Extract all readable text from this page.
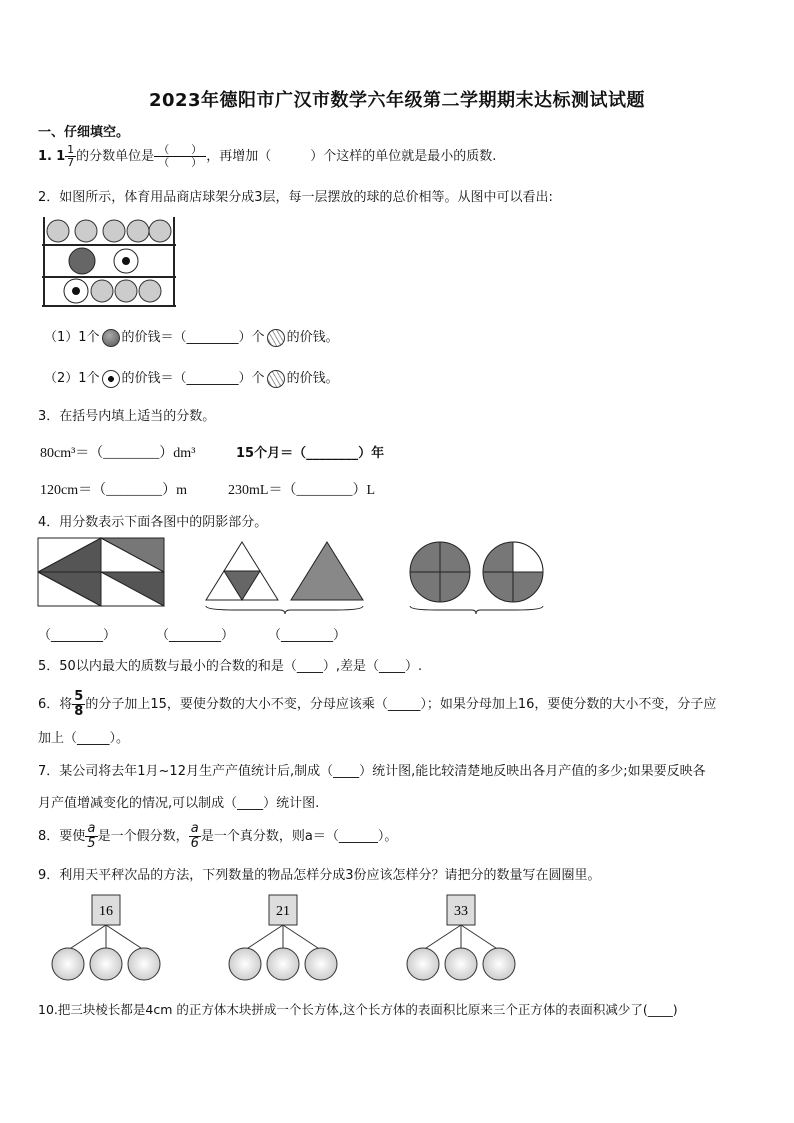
2023年德阳市广汉市数学六年级第二学期期末达标测试试题
一、仔细填空。
1. $1 \frac{1}{7}$ 的分数单位是 $\frac{( )}{( )}$ ，再增加（　　　）个这样的单位就是最小的质数.
2．如图所示，体育用品商店球架分成3层，每一层摆放的球的总价相等。从图中可以看出:
（1）1个 的价钱＝（________）个 的价钱。
（2）1个 的价钱＝（________）个 的价钱。
3．在括号内填上适当的分数。
80cm³＝（________）dm³	15个月＝（________）年
120cm＝（________）m	230mL＝（________）L
4．用分数表示下面各图中的阴影部分。
（________）	（________）	（________）
5．50以内最大的质数与最小的合数的和是（____）,差是（____）.
6．将 $\frac{5}{8}$ 的分子加上15，要使分数的大小不变，分母应该乘（_____）；如果分母加上16，要使分数的大小不变，分子应
加上（_____）。
7．某公司将去年1月~12月生产产值统计后,制成（____）统计图,能比较清楚地反映出各月产值的多少;如果要反映各
月产值增减变化的情况,可以制成（____）统计图.
8．要使 $\frac{a}{5}$ 是一个假分数， $\frac{a}{6}$ 是一个真分数，则a＝（______）。
9．利用天平秤次品的方法，下列数量的物品怎样分成3份应该怎样分？请把分的数量写在圆圈里。
16	21	33
10.把三块棱长都是4cm 的正方体木块拼成一个长方体,这个长方体的表面积比原来三个正方体的表面积减少了(____)
